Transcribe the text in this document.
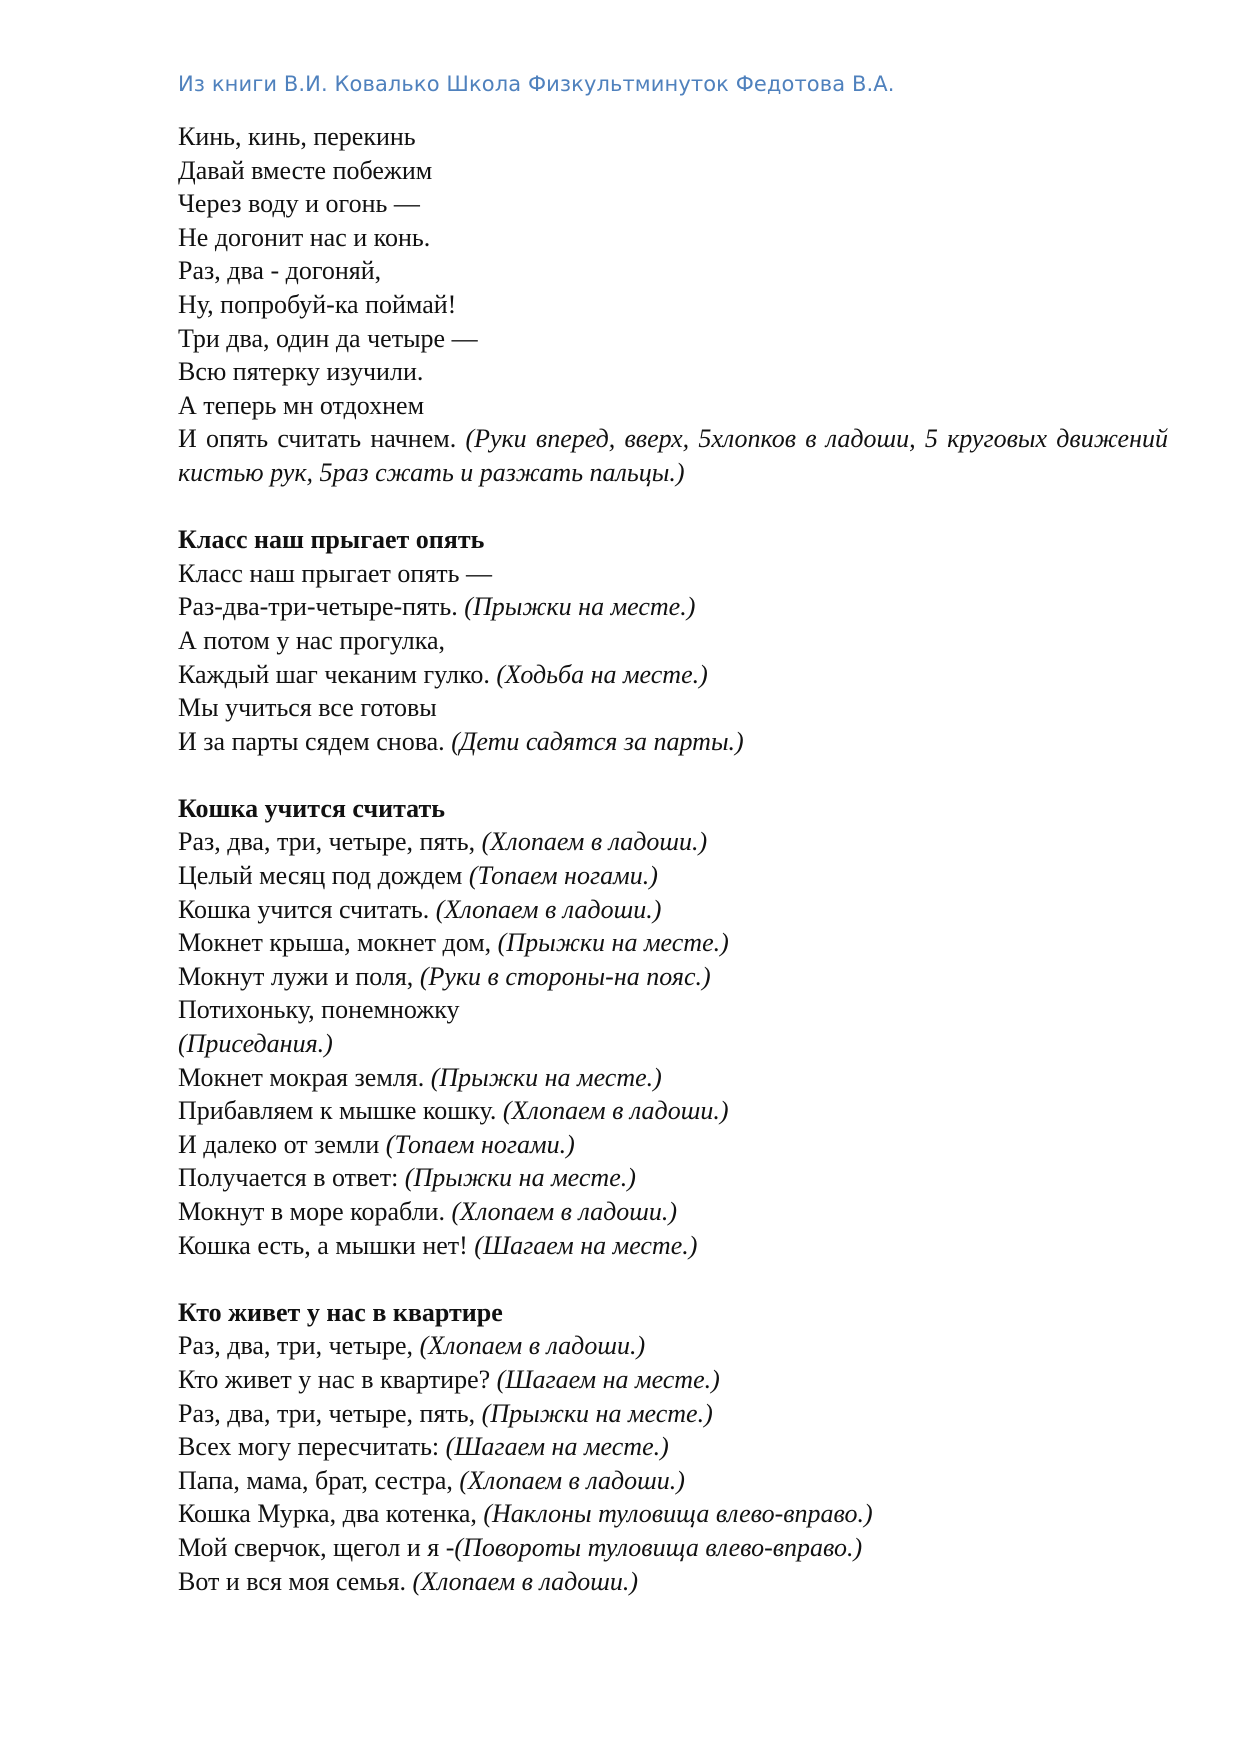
Из книги В.И. Ковалько Школа Физкультминуток Федотова В.А.

Кинь, кинь, перекинь

Давай вместе побежим

Через воду и огонь —

Не догонит нас и конь.

Раз, два - догоняй,

Ну, попробуй-ка поймай!

Три два, один да четыре —

Всю пятерку изучили.

А теперь мн отдохнем

И опять считать начнем. (Руки вперед, вверх, 5хлопков в ладоши, 5 круговых движений кистью рук, 5раз сжать и разжать пальцы.)

Класс наш прыгает опять

Класс наш прыгает опять —

Раз-два-три-четыре-пять. (Прыжки на месте.)

А потом у нас прогулка,

Каждый шаг чеканим гулко. (Ходьба на месте.)

Мы учиться все готовы

И за парты сядем снова. (Дети садятся за парты.)

Кошка учится считать

Раз, два, три, четыре, пять, (Хлопаем в ладоши.)

Целый месяц под дождем (Топаем ногами.)

Кошка учится считать. (Хлопаем в ладоши.)

Мокнет крыша, мокнет дом, (Прыжки на месте.)

Мокнут лужи и поля, (Руки в стороны-на пояс.)

Потихоньку, понемножку

(Приседания.)

Мокнет мокрая земля. (Прыжки на месте.)

Прибавляем к мышке кошку. (Хлопаем в ладоши.)

И далеко от земли (Топаем ногами.)

Получается в ответ: (Прыжки на месте.)

Мокнут в море корабли. (Хлопаем в ладоши.)

Кошка есть, а мышки нет! (Шагаем на месте.)

Кто живет у нас в квартире

Раз, два, три, четыре, (Хлопаем в ладоши.)

Кто живет у нас в квартире? (Шагаем на месте.)

Раз, два, три, четыре, пять, (Прыжки на месте.)

Всех могу пересчитать: (Шагаем на месте.)

Папа, мама, брат, сестра, (Хлопаем в ладоши.)

Кошка Мурка, два котенка, (Наклоны туловища влево-вправо.)

Мой сверчок, щегол и я -(Повороты туловища влево-вправо.)

Вот и вся моя семья. (Хлопаем в ладоши.)
